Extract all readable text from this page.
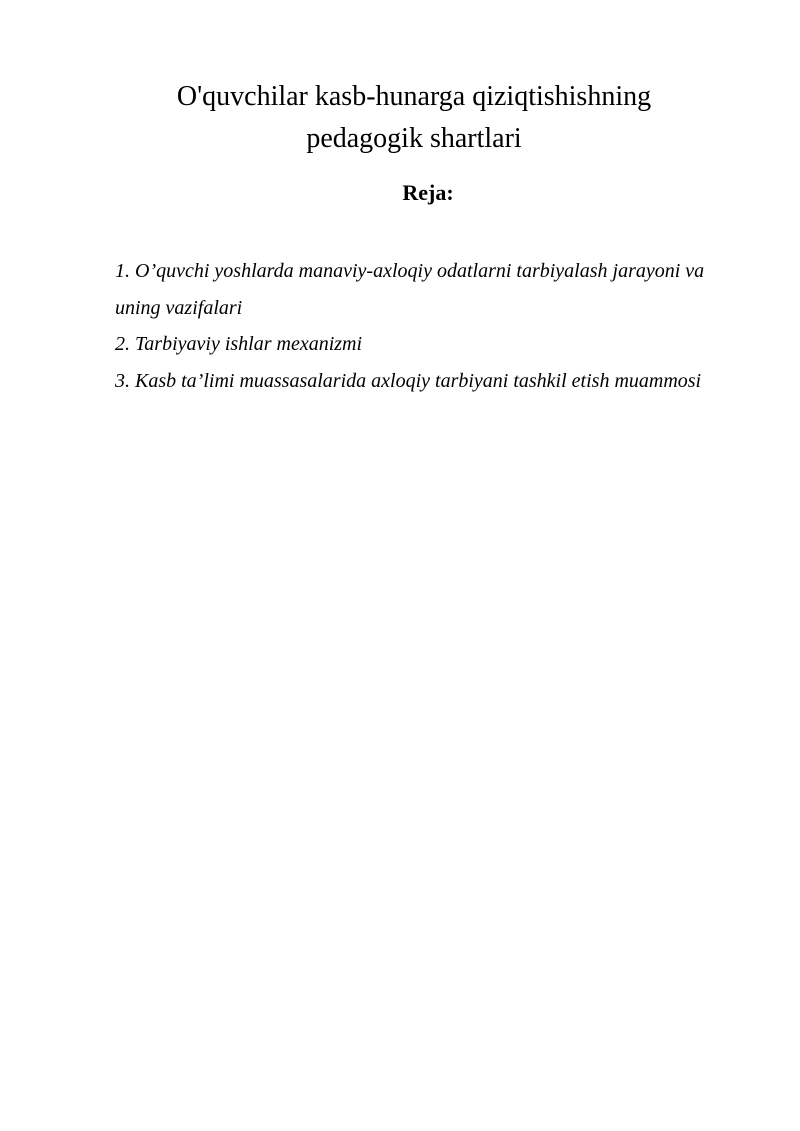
O'quvchilar kasb-hunarga qiziqtishishning
pedagogik shartlari

Reja:

1. O’quvchi yoshlarda manaviy-axloqiy odatlarni tarbiyalash jarayoni va uning vazifalari
2. Tarbiyaviy ishlar mexanizmi
3. Kasb ta’limi muassasalarida axloqiy tarbiyani tashkil etish muammosi
